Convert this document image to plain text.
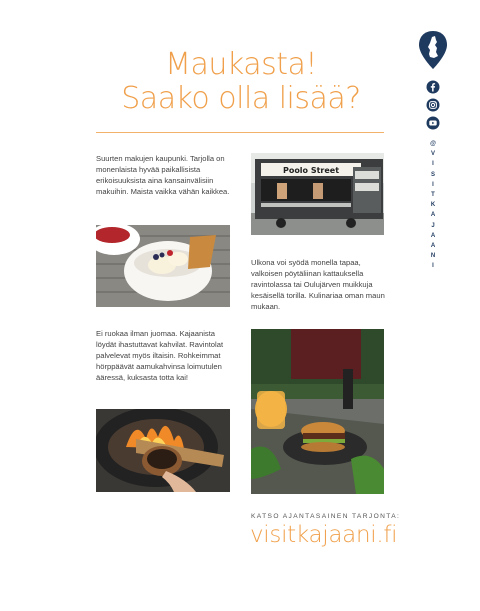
Maukasta!
Saako olla lisää?

Suurten makujen kaupunki. Tarjolla on monenlaista hyvää paikallisista erikoisuuksista aina kansainvälisiin makuihin. Maista vaikka vähän kaikkea.

Ulkona voi syödä monella tapaa, valkoisen pöytäliinan kattauksella ravintolassa tai Oulujärven muikkuja kesäisellä torilla. Kulinariaa oman maun mukaan.

Ei ruokaa ilman juomaa. Kajaanista löydät ihastuttavat kahvilat. Ravintolat palvelevat myös iltaisin. Rohkeimmat hörppäävät aamukahvinsa loimutulen ääressä, kuksasta totta kai!

Poolo Street
KATSO AJANTASAINEN TARJONTA:
visitkajaani.fi
@
V
I
S
I
T
K
A
J
A
A
N
I
